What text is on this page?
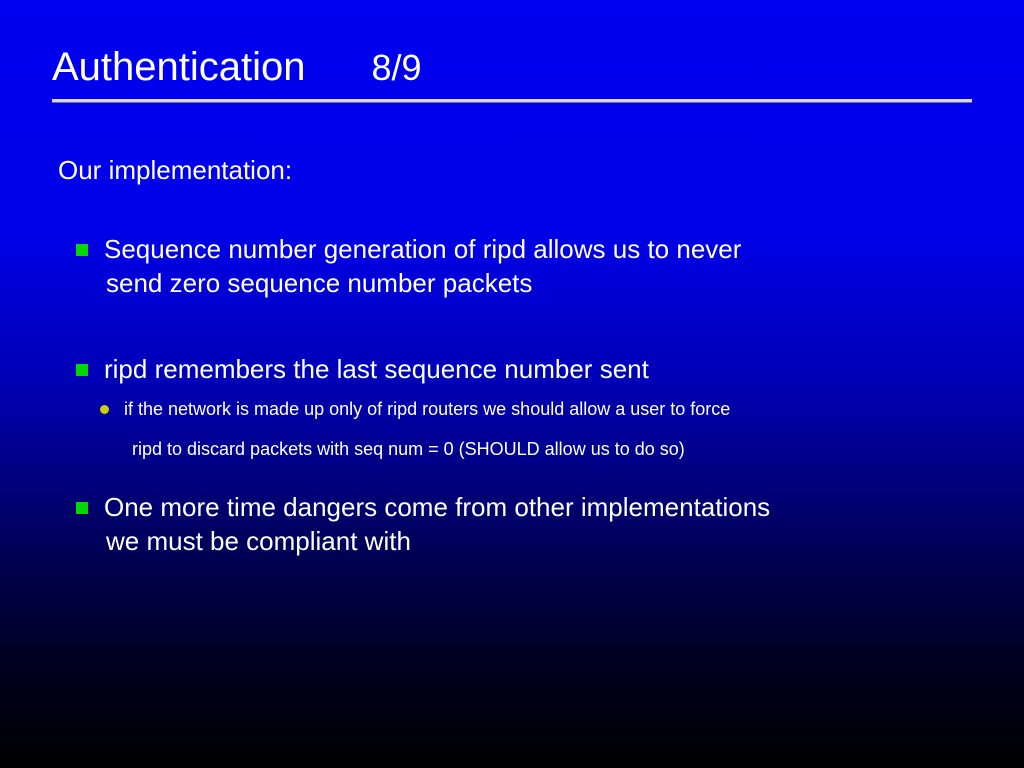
Authentication 8/9
Our implementation:
Sequence number generation of ripd allows us to never
send zero sequence number packets
ripd remembers the last sequence number sent
if the network is made up only of ripd routers we should allow a user to force
ripd to discard packets with seq num = 0 (SHOULD allow us to do so)
One more time dangers come from other implementations
we must be compliant with
